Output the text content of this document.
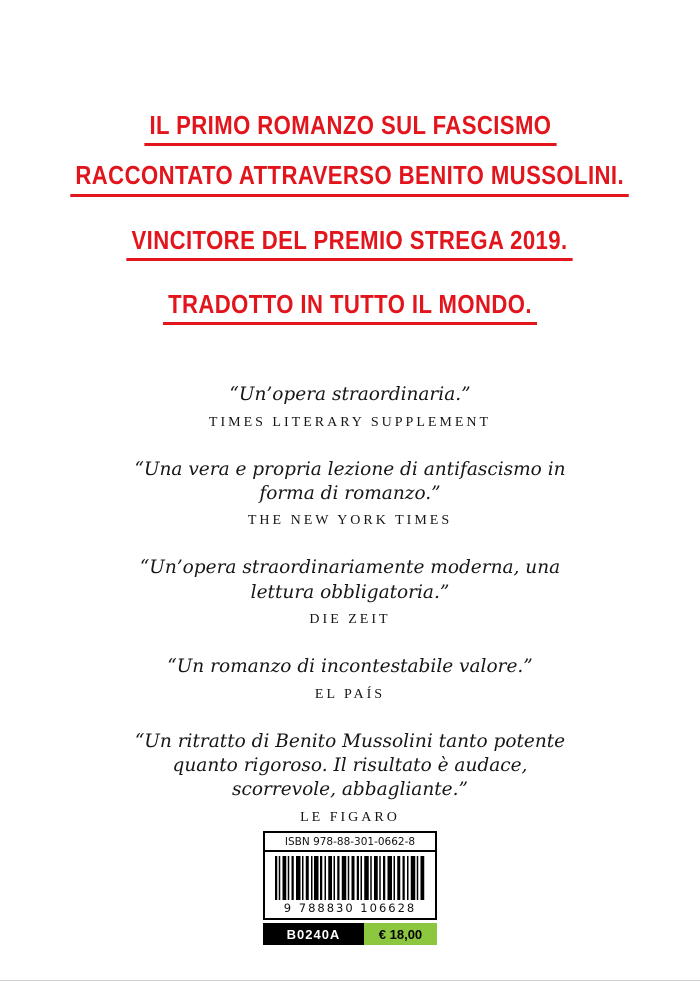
IL PRIMO ROMANZO SUL FASCISMO
RACCONTATO ATTRAVERSO BENITO MUSSOLINI.
VINCITORE DEL PREMIO STREGA 2019.
TRADOTTO IN TUTTO IL MONDO.
“Un’opera straordinaria.”
TIMES LITERARY SUPPLEMENT
“Una vera e propria lezione di antifascismo in forma di romanzo.”
THE NEW YORK TIMES
“Un’opera straordinariamente moderna, una lettura obbligatoria.”
DIE ZEIT
“Un romanzo di incontestabile valore.”
EL PAÍS
“Un ritratto di Benito Mussolini tanto potente quanto rigoroso. Il risultato è audace, scorrevole, abbagliante.”
LE FIGARO
ISBN 978-88-301-0662-8
9 788830 106628
B0240A	€ 18,00
